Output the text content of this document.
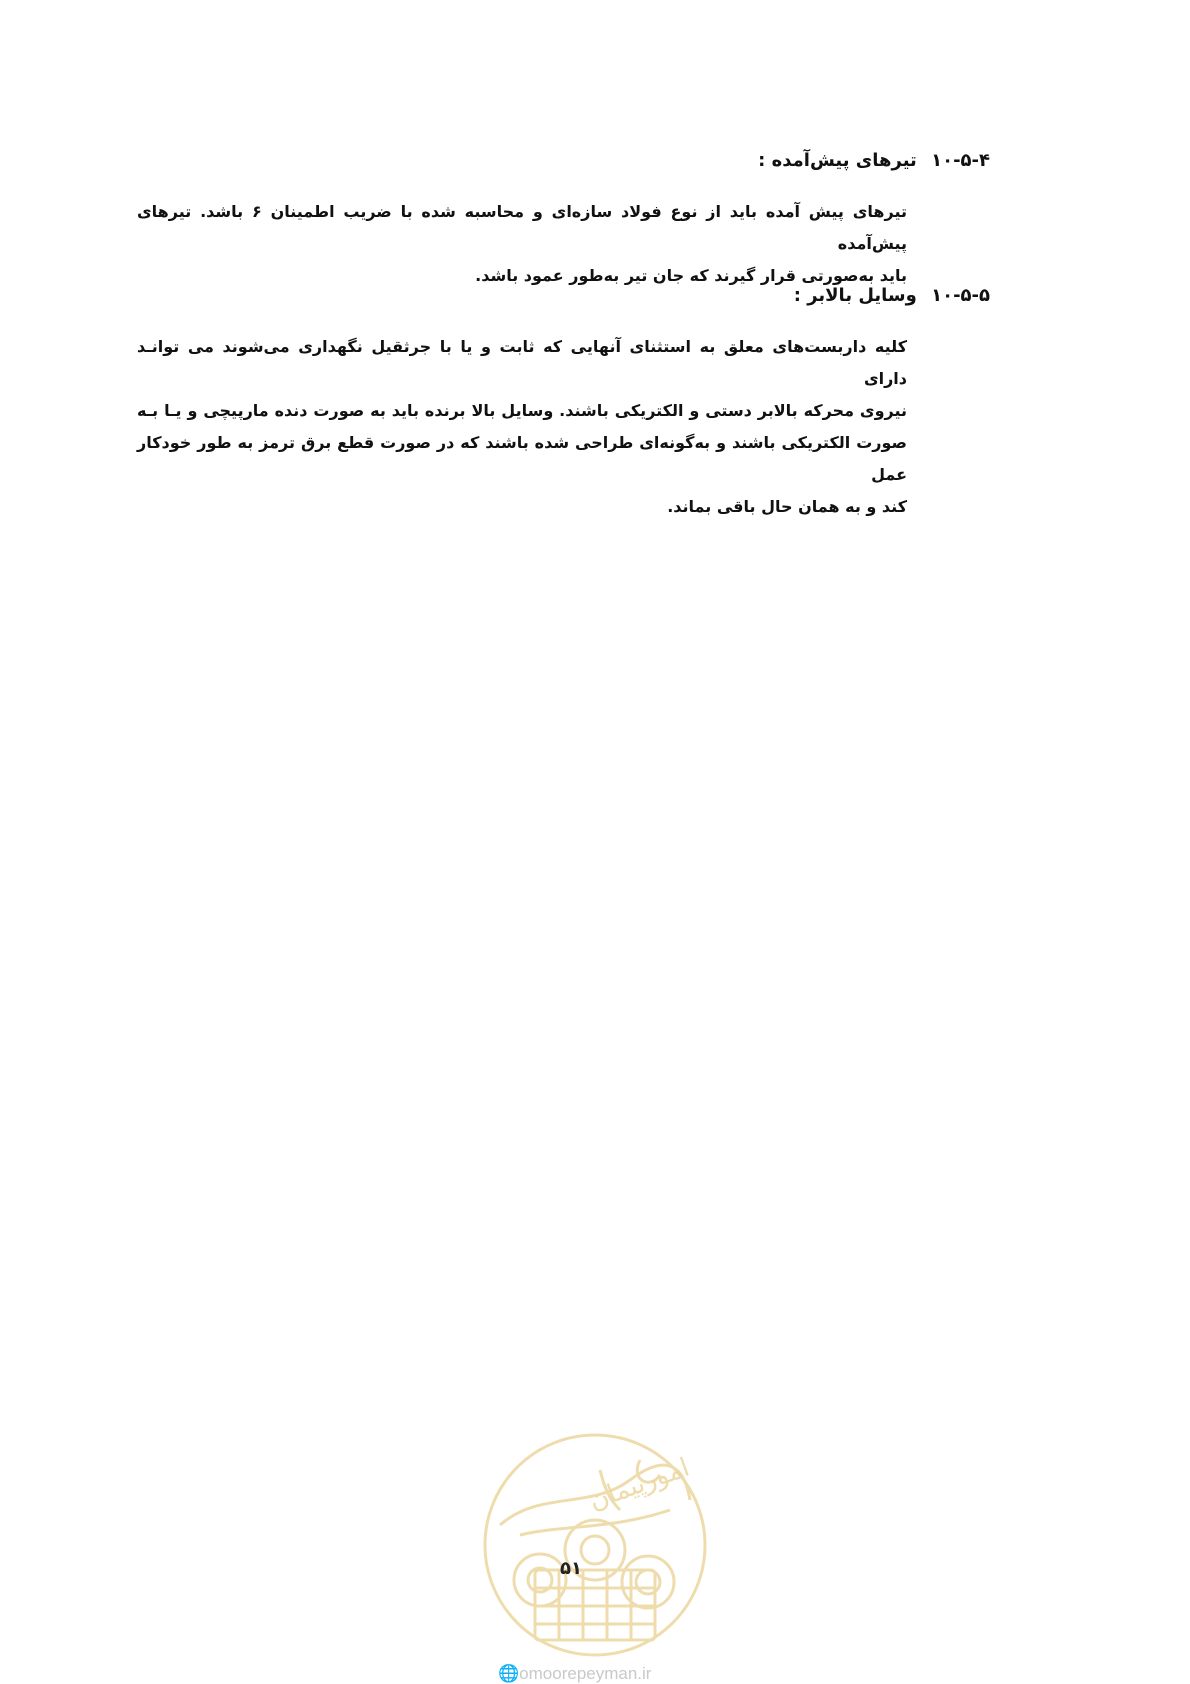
۱۰-۵-۴ تیرهای پیش‌آمده :
تیرهای پیش آمده باید از نوع فولاد سازه‌ای و محاسبه شده با ضریب اطمینان ۶ باشد. تیرهای پیش‌آمده
باید به‌صورتی قرار گیرند که جان تیر به‌طور عمود باشد.
۱۰-۵-۵ وسایل بالابر :
کلیه داربست‌های معلق به استثنای آنهایی که ثابت و یا با جرثقیل نگهداری می‌شوند می توانـد دارای
نیروی محرکه بالابر دستی و الکتریکی باشند. وسایل بالا برنده باید به صورت دنده مارپیچی و یـا بـه
صورت الکتریکی باشند و به‌گونه‌ای طراحی شده باشند که در صورت قطع برق ترمز به طور خودکار عمل
کند و به همان حال باقی بماند.
امورپیمان
۵۱
🌐omoorepeyman.ir
